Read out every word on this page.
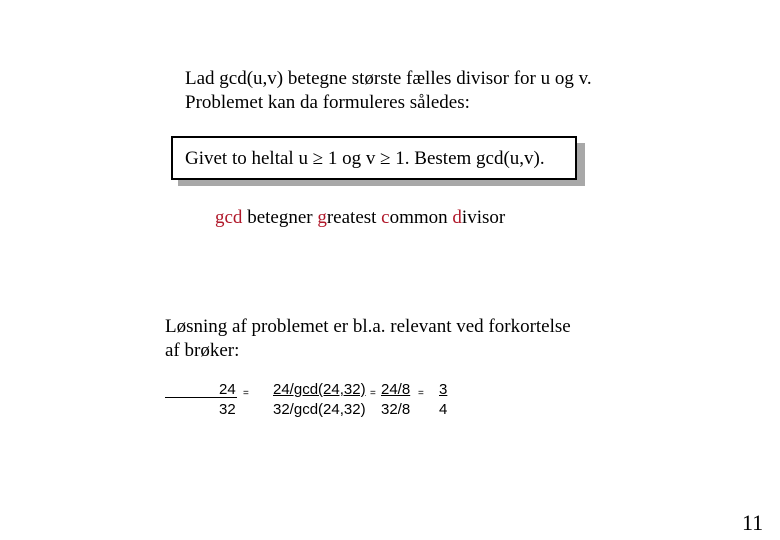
Lad gcd(u,v) betegne største fælles divisor for u og v.
Problemet kan da formuleres således:
Givet to heltal u ≥ 1 og v ≥ 1. Bestem gcd(u,v).
gcd betegner greatest common divisor
Løsning af problemet er bl.a. relevant ved forkortelse
af brøker:
24
32
= 24/gcd(24,32)
32/gcd(24,32)
= 24/8
32/8
= 3
4
11
